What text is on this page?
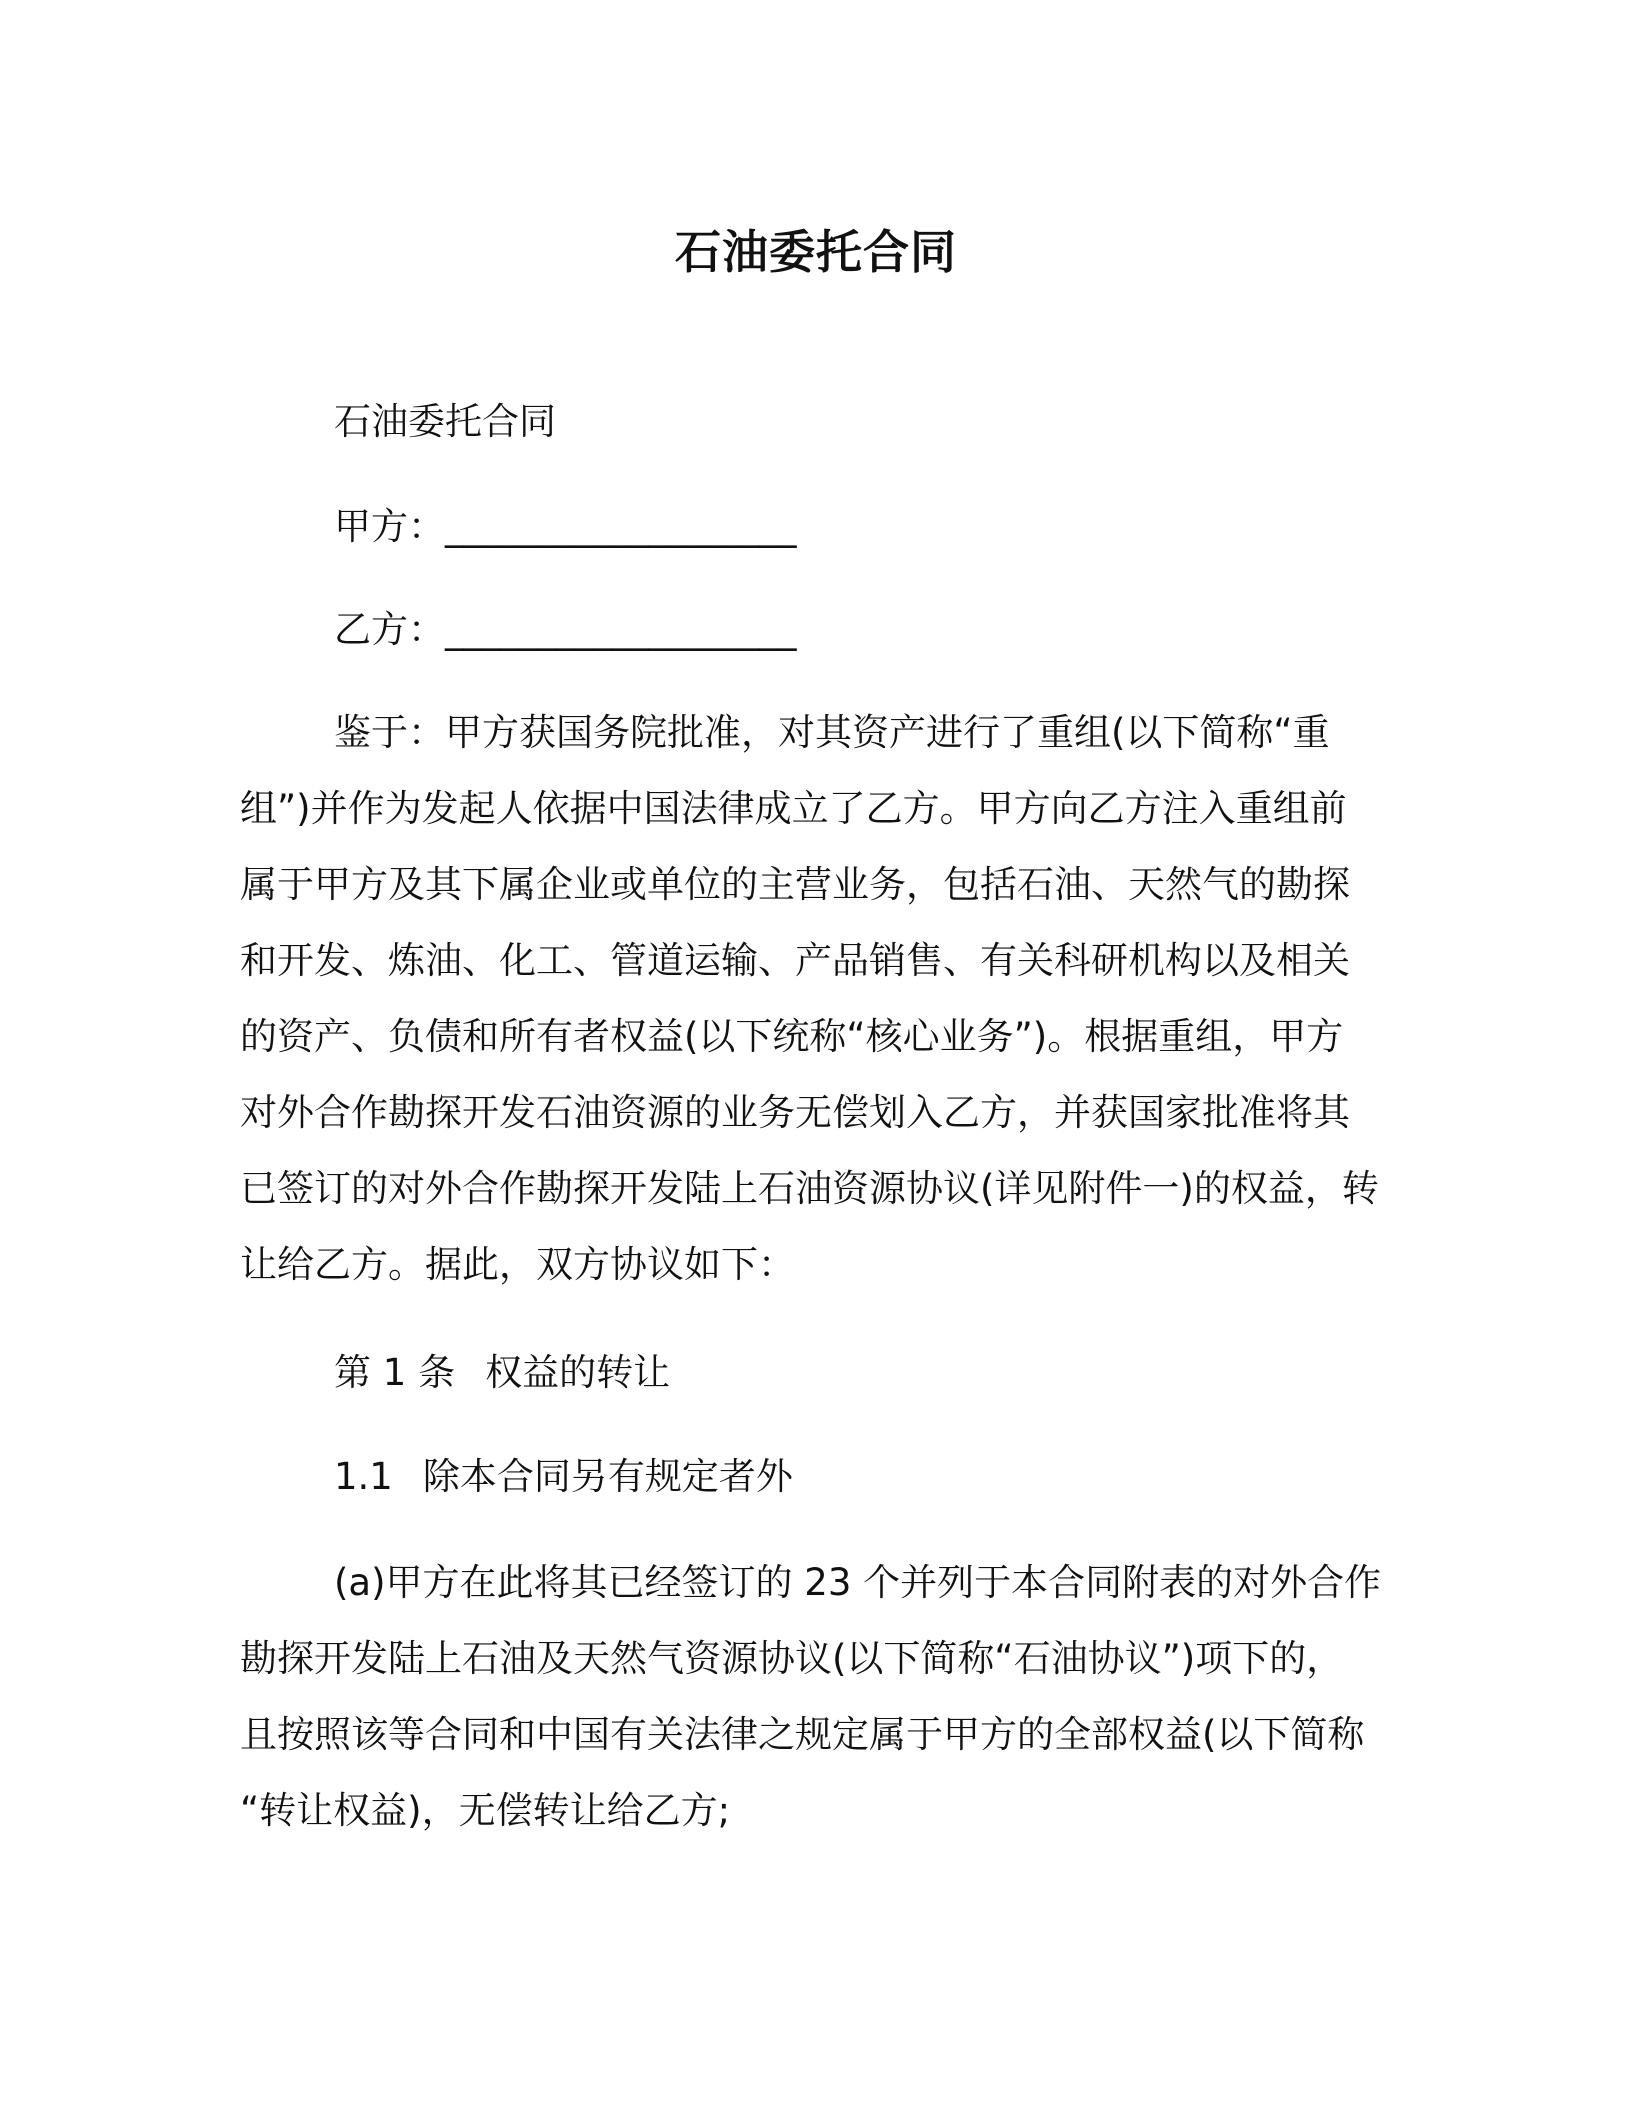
石油委托合同
石油委托合同
甲方：___________________
乙方：___________________
鉴于：甲方获国务院批准，对其资产进行了重组(以下简称“重
组”)并作为发起人依据中国法律成立了乙方。甲方向乙方注入重组前
属于甲方及其下属企业或单位的主营业务，包括石油、天然气的勘探
和开发、炼油、化工、管道运输、产品销售、有关科研机构以及相关
的资产、负债和所有者权益(以下统称“核心业务”)。根据重组，甲方
对外合作勘探开发石油资源的业务无偿划入乙方，并获国家批准将其
已签订的对外合作勘探开发陆上石油资源协议(详见附件一)的权益，转
让给乙方。据此，双方协议如下：
第 1 条 权益的转让
1.1 除本合同另有规定者外
(a)甲方在此将其已经签订的 23 个并列于本合同附表的对外合作
勘探开发陆上石油及天然气资源协议(以下简称“石油协议”)项下的，
且按照该等合同和中国有关法律之规定属于甲方的全部权益(以下简称
“转让权益)，无偿转让给乙方;
